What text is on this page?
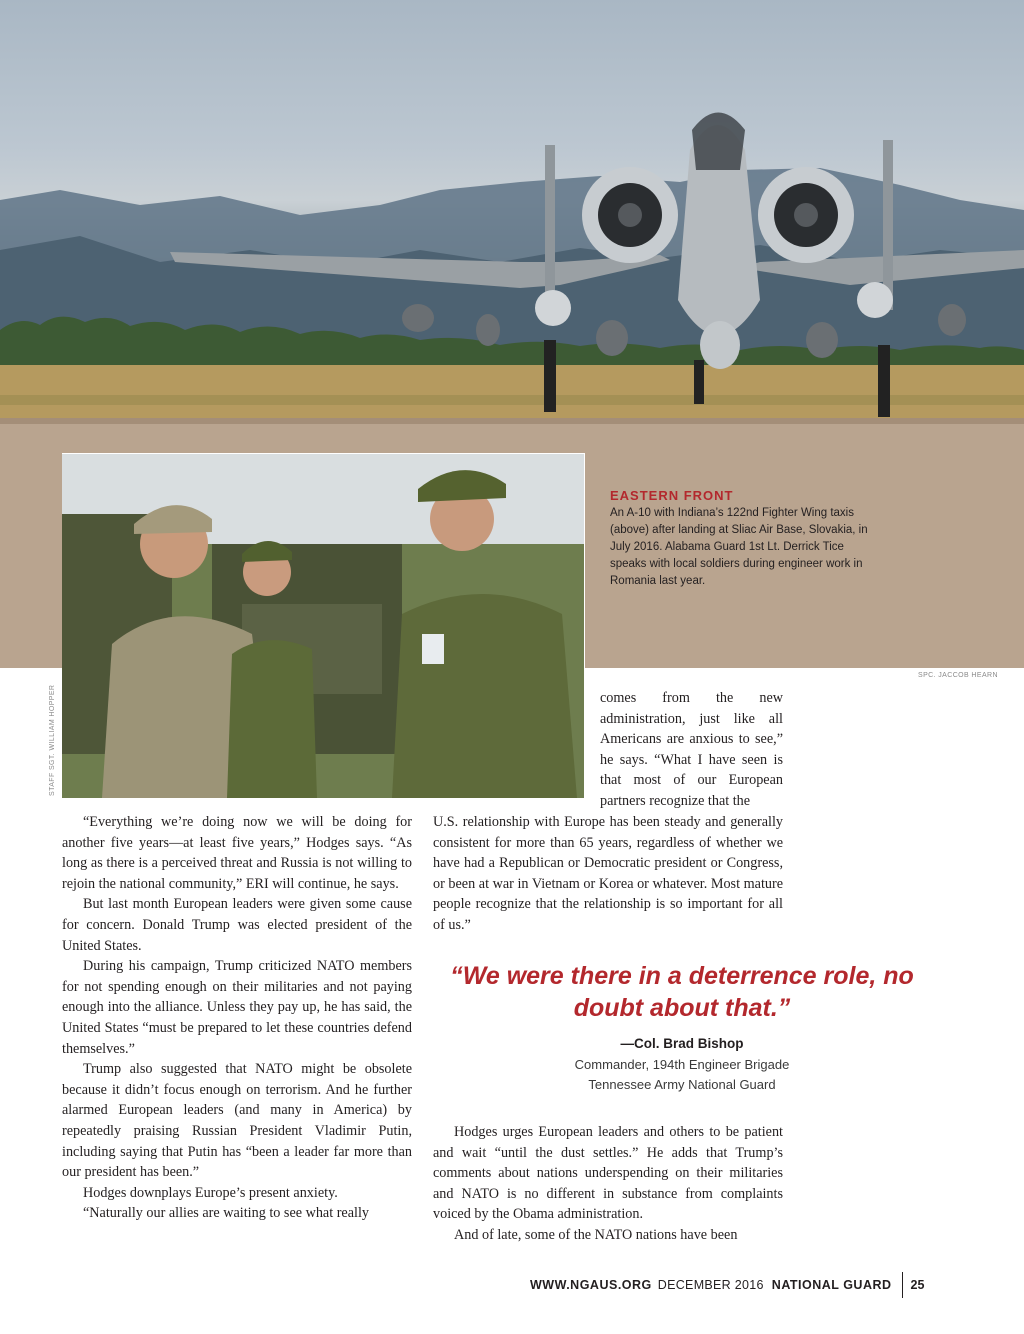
SPC. JACCOB HEARN
STAFF SGT. WILLIAM HOPPER

EASTERN FRONT

An A-10 with Indiana’s 122nd Fighter Wing taxis (above) after landing at Sliac Air Base, Slovakia, in July 2016. Alabama Guard 1st Lt. Derrick Tice speaks with local soldiers during engineer work in Romania last year.

comes from the new administration, just like all Americans are anxious to see,” he says. “What I have seen is that most of our European partners recognize that the

“Everything we’re doing now we will be doing for another five years—at least five years,” Hodges says. “As long as there is a perceived threat and Russia is not willing to rejoin the national community,” ERI will continue, he says.

But last month European leaders were given some cause for concern. Donald Trump was elected president of the United States.

During his campaign, Trump criticized NATO members for not spending enough on their militaries and not paying enough into the alliance. Unless they pay up, he has said, the United States “must be prepared to let these countries defend themselves.”

Trump also suggested that NATO might be obsolete because it didn’t focus enough on terrorism. And he further alarmed European leaders (and many in America) by repeatedly praising Russian President Vladimir Putin, including saying that Putin has “been a leader far more than our president has been.”

Hodges downplays Europe’s present anxiety.

“Naturally our allies are waiting to see what really

U.S. relationship with Europe has been steady and generally consistent for more than 65 years, regardless of whether we have had a Republican or Democratic president or Congress, or been at war in Vietnam or Korea or whatever. Most mature people recognize that the relationship is so important for all of us.”

“We were there in a deterrence role, no doubt about that.”

—Col. Brad Bishop

Commander, 194th Engineer Brigade
Tennessee Army National Guard

Hodges urges European leaders and others to be patient and wait “until the dust settles.” He adds that Trump’s comments about nations underspending on their militaries and NATO is no different in substance from complaints voiced by the Obama administration.

And of late, some of the NATO nations have been

WWW.NGAUS.ORG DECEMBER 2016 NATIONAL GUARD 25
